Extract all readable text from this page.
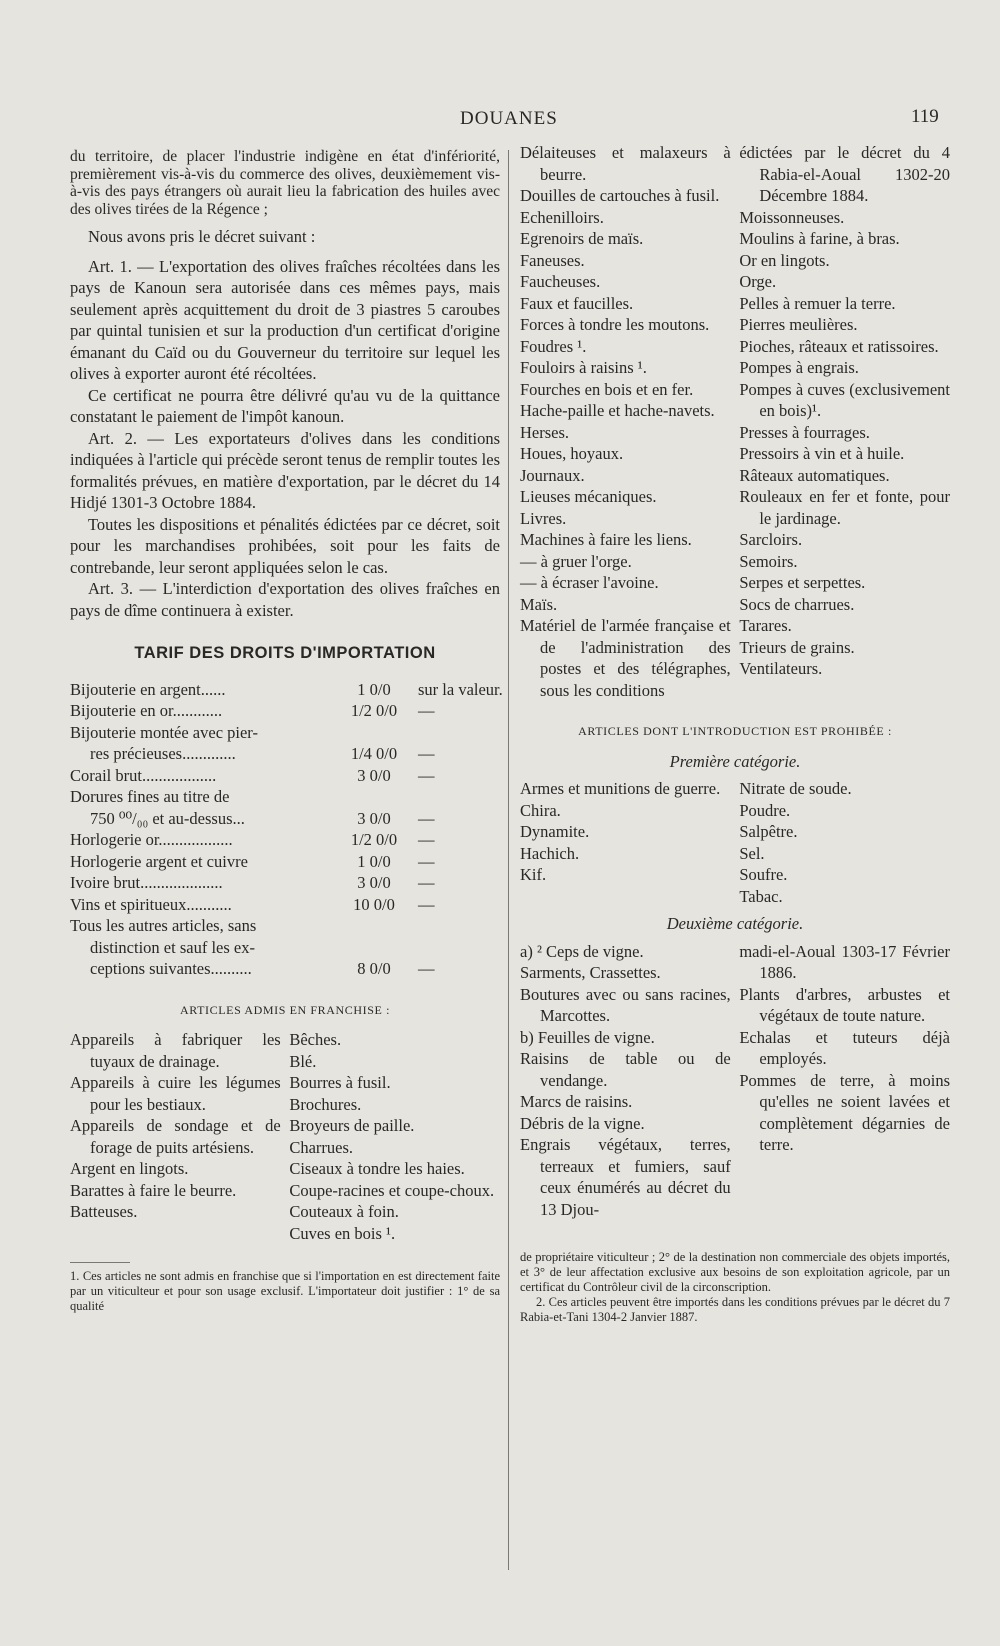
DOUANES	119

du territoire, de placer l'industrie indigène en état d'infériorité, premièrement vis-à-vis du commerce des olives, deuxièmement vis-à-vis des pays étrangers où aurait lieu la fabrication des huiles avec des olives tirées de la Régence ;

Nous avons pris le décret suivant :

Art. 1. — L'exportation des olives fraîches récoltées dans les pays de Kanoun sera autorisée dans ces mêmes pays, mais seulement après acquittement du droit de 3 piastres 5 caroubes par quintal tunisien et sur la production d'un certificat d'origine émanant du Caïd ou du Gouverneur du territoire sur lequel les olives à exporter auront été récoltées.

Ce certificat ne pourra être délivré qu'au vu de la quittance constatant le paiement de l'impôt kanoun.

Art. 2. — Les exportateurs d'olives dans les conditions indiquées à l'article qui précède seront tenus de remplir toutes les formalités prévues, en matière d'exportation, par le décret du 14 Hidjé 1301-3 Octobre 1884.

Toutes les dispositions et pénalités édictées par ce décret, soit pour les marchandises prohibées, soit pour les faits de contrebande, leur seront appliquées selon le cas.

Art. 3. — L'interdiction d'exportation des olives fraîches en pays de dîme continuera à exister.

TARIF DES DROITS D'IMPORTATION
Bijouterie en argent......	1 0/0	sur la valeur.
Bijouterie en or............	1/2 0/0	—
Bijouterie montée avec pier-
res précieuses.............	1/4 0/0	—
Corail brut..................	3 0/0	—
Dorures fines au titre de
750 ⁰⁰/₀₀ et au-dessus...	3 0/0	—
Horlogerie or..................	1/2 0/0	—
Horlogerie argent et cuivre	1 0/0	—
Ivoire brut....................	3 0/0	—
Vins et spiritueux...........	10 0/0	—
Tous les autres articles, sans
distinction et sauf les ex-
ceptions suivantes..........	8 0/0	—
ARTICLES ADMIS EN FRANCHISE :
Appareils à fabriquer les tuyaux de drainage.
Appareils à cuire les légumes pour les bestiaux.
Appareils de sondage et de forage de puits artésiens.
Argent en lingots.
Barattes à faire le beurre.
Batteuses.
Bêches.
Blé.
Bourres à fusil.
Brochures.
Broyeurs de paille.
Charrues.
Ciseaux à tondre les haies.
Coupe-racines et coupe-choux.
Couteaux à foin.
Cuves en bois ¹.

1. Ces articles ne sont admis en franchise que si l'importation en est directement faite par un viticulteur et pour son usage exclusif. L'importateur doit justifier : 1° de sa qualité

Délaiteuses et malaxeurs à beurre.
Douilles de cartouches à fusil.
Echenilloirs.
Egrenoirs de maïs.
Faneuses.
Faucheuses.
Faux et faucilles.
Forces à tondre les moutons.
Foudres ¹.
Fouloirs à raisins ¹.
Fourches en bois et en fer.
Hache-paille et hache-navets.
Herses.
Houes, hoyaux.
Journaux.
Lieuses mécaniques.
Livres.
Machines à faire les liens.
— à gruer l'orge.
— à écraser l'avoine.
Maïs.
Matériel de l'armée française et de l'administration des postes et des télégraphes, sous les conditions
édictées par le décret du 4 Rabia-el-Aoual 1302-20 Décembre 1884.
Moissonneuses.
Moulins à farine, à bras.
Or en lingots.
Orge.
Pelles à remuer la terre.
Pierres meulières.
Pioches, râteaux et ratissoires.
Pompes à engrais.
Pompes à cuves (exclusivement en bois)¹.
Presses à fourrages.
Pressoirs à vin et à huile.
Râteaux automatiques.
Rouleaux en fer et fonte, pour le jardinage.
Sarcloirs.
Semoirs.
Serpes et serpettes.
Socs de charrues.
Tarares.
Trieurs de grains.
Ventilateurs.
ARTICLES DONT L'INTRODUCTION EST PROHIBÉE :
Première catégorie.
Armes et munitions de guerre.
Chira.
Dynamite.
Hachich.
Kif.
Nitrate de soude.
Poudre.
Salpêtre.
Sel.
Soufre.
Tabac.
Deuxième catégorie.
a) ² Ceps de vigne.
Sarments, Crassettes.
Boutures avec ou sans racines, Marcottes.
b) Feuilles de vigne.
Raisins de table ou de vendange.
Marcs de raisins.
Débris de la vigne.
Engrais végétaux, terres, terreaux et fumiers, sauf ceux énumérés au décret du 13 Djou-
madi-el-Aoual 1303-17 Février 1886.
Plants d'arbres, arbustes et végétaux de toute nature.
Echalas et tuteurs déjà employés.
Pommes de terre, à moins qu'elles ne soient lavées et complètement dégarnies de terre.

de propriétaire viticulteur ; 2° de la destination non commerciale des objets importés, et 3° de leur affectation exclusive aux besoins de son exploitation agricole, par un certificat du Contrôleur civil de la circonscription.

2. Ces articles peuvent être importés dans les conditions prévues par le décret du 7 Rabia-et-Tani 1304-2 Janvier 1887.
